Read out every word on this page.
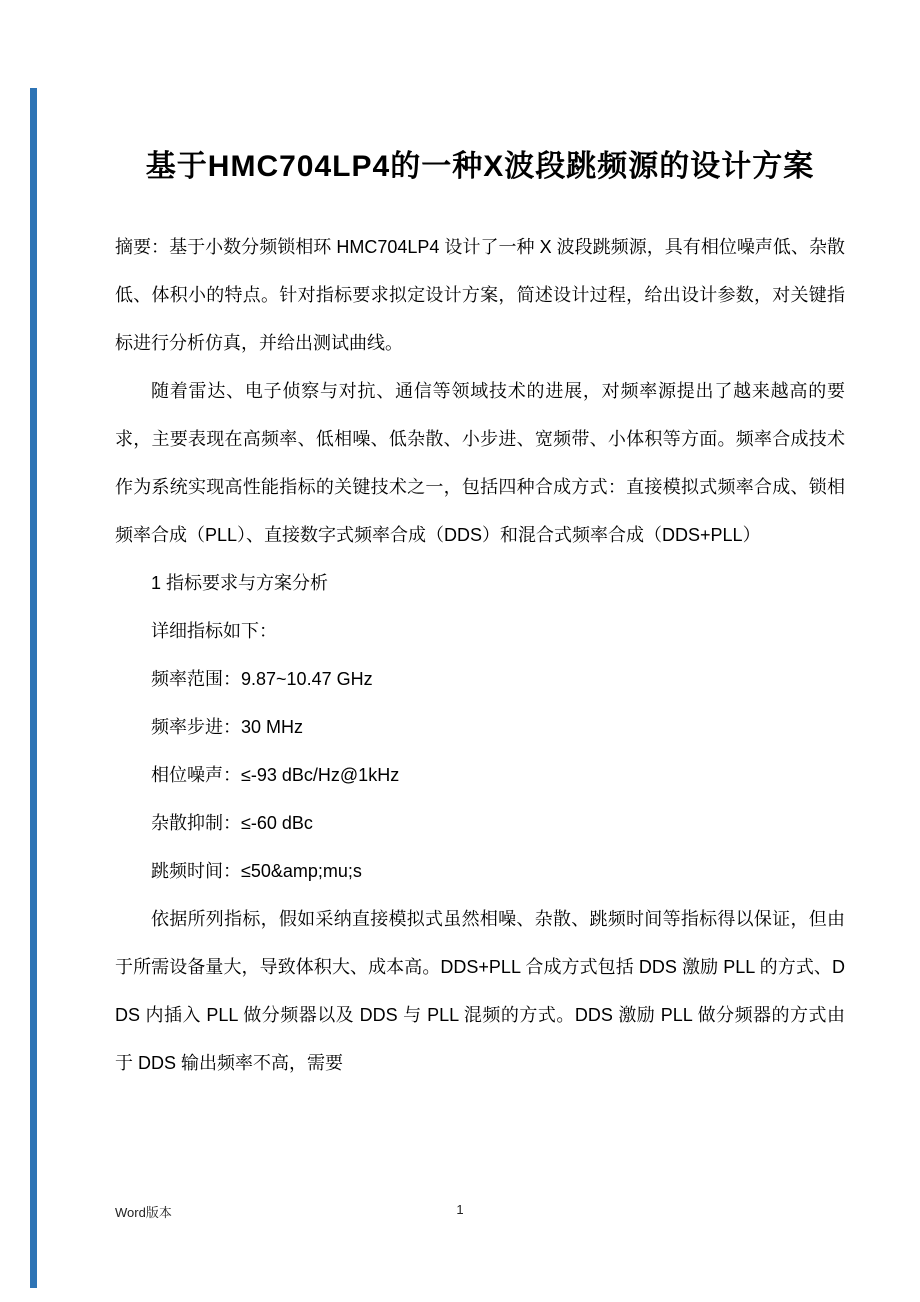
基于HMC704LP4的一种X波段跳频源的设计方案

摘要：基于小数分频锁相环 HMC704LP4 设计了一种 X 波段跳频源，具有相位噪声低、杂散低、体积小的特点。针对指标要求拟定设计方案，简述设计过程，给出设计参数，对关键指标进行分析仿真，并给出测试曲线。

随着雷达、电子侦察与对抗、通信等领域技术的进展，对频率源提出了越来越高的要求，主要表现在高频率、低相噪、低杂散、小步进、宽频带、小体积等方面。频率合成技术作为系统实现高性能指标的关键技术之一，包括四种合成方式：直接模拟式频率合成、锁相频率合成（PLL）、直接数字式频率合成（DDS）和混合式频率合成（DDS+PLL）

1 指标要求与方案分析

详细指标如下：

频率范围：9.87~10.47 GHz

频率步进：30 MHz

相位噪声：≤-93 dBc/Hz@1kHz

杂散抑制：≤-60 dBc

跳频时间：≤50&amp;mu;s

依据所列指标，假如采纳直接模拟式虽然相噪、杂散、跳频时间等指标得以保证，但由于所需设备量大，导致体积大、成本高。DDS+PLL 合成方式包括 DDS 激励 PLL 的方式、DDS 内插入 PLL 做分频器以及 DDS 与 PLL 混频的方式。DDS 激励 PLL 做分频器的方式由于 DDS 输出频率不高，需要

Word版本	1
